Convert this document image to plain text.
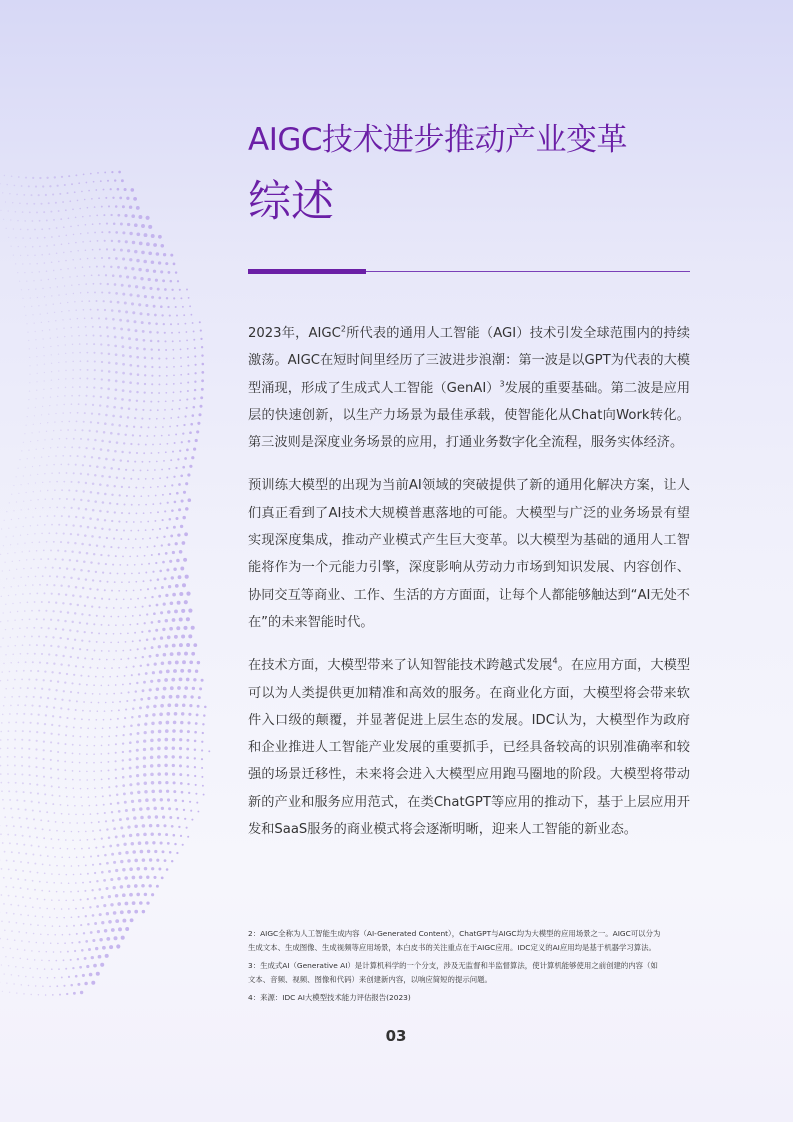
AIGC技术进步推动产业变革
综述

2023年，AIGC$^2$所代表的通用人工智能（AGI）技术引发全球范围内的持续激荡。AIGC在短时间里经历了三波进步浪潮：第一波是以GPT为代表的大模型涌现，形成了生成式人工智能（GenAI）$^3$发展的重要基础。第二波是应用层的快速创新，以生产力场景为最佳承载，使智能化从Chat向Work转化。第三波则是深度业务场景的应用，打通业务数字化全流程，服务实体经济。

预训练大模型的出现为当前AI领域的突破提供了新的通用化解决方案，让人们真正看到了AI技术大规模普惠落地的可能。大模型与广泛的业务场景有望实现深度集成，推动产业模式产生巨大变革。以大模型为基础的通用人工智能将作为一个元能力引擎，深度影响从劳动力市场到知识发展、内容创作、协同交互等商业、工作、生活的方方面面，让每个人都能够触达到“AI无处不在”的未来智能时代。

在技术方面，大模型带来了认知智能技术跨越式发展$^4$。在应用方面，大模型可以为人类提供更加精准和高效的服务。在商业化方面，大模型将会带来软件入口级的颠覆，并显著促进上层生态的发展。IDC认为，大模型作为政府和企业推进人工智能产业发展的重要抓手，已经具备较高的识别准确率和较强的场景迁移性，未来将会进入大模型应用跑马圈地的阶段。大模型将带动新的产业和服务应用范式，在类ChatGPT等应用的推动下，基于上层应用开发和SaaS服务的商业模式将会逐渐明晰，迎来人工智能的新业态。

2：AIGC全称为人工智能生成内容（AI-Generated Content），ChatGPT与AIGC均为大模型的应用场景之一。AIGC可以分为
生成文本、生成图像、生成视频等应用场景，本白皮书的关注重点在于AIGC应用。IDC定义的AI应用均是基于机器学习算法。
3：生成式AI（Generative AI）是计算机科学的一个分支，涉及无监督和半监督算法，使计算机能够使用之前创建的内容（如
文本、音频、视频、图像和代码）来创建新内容，以响应简短的提示问题。
4：来源：IDC AI大模型技术能力评估报告(2023)
03
